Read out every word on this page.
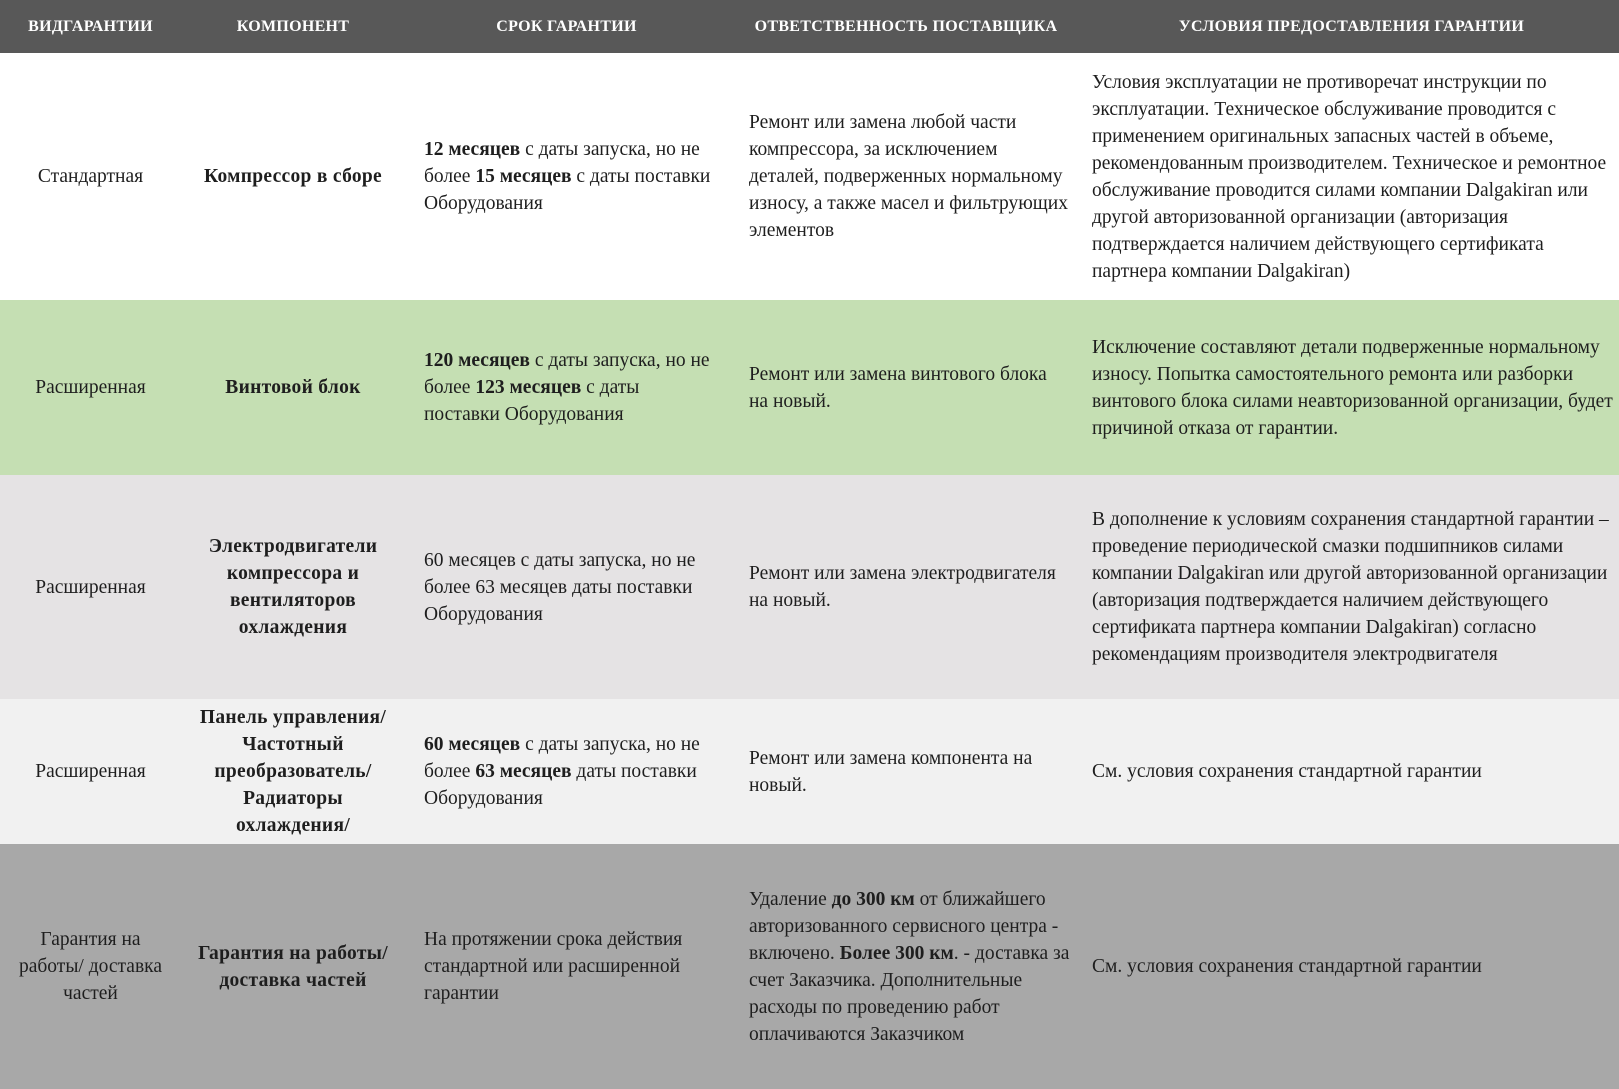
ВИДГАРАНТИИ	КОМПОНЕНТ	СРОК ГАРАНТИИ	ОТВЕТСТВЕННОСТЬ ПОСТАВЩИКА	УСЛОВИЯ ПРЕДОСТАВЛЕНИЯ ГАРАНТИИ
Стандартная	Компрессор в сборе	12 месяцев с даты запуска, но не более 15 месяцев с даты поставки Оборудования	Ремонт или замена любой части компрессора, за исключением деталей, подверженных нормальному износу, а также масел и фильтрующих элементов	Условия эксплуатации не противоречат инструкции по эксплуатации. Техническое обслуживание проводится с применением оригинальных запасных частей в объеме, рекомендованным производителем. Техническое и ремонтное обслуживание проводится силами компании Dalgakiran или другой авторизованной организации (авторизация подтверждается наличием действующего сертификата партнера компании Dalgakiran)
Расширенная	Винтовой блок	120 месяцев с даты запуска, но не более 123 месяцев с даты поставки Оборудования	Ремонт или замена винтового блока на новый.	Исключение составляют детали подверженные нормальному износу. Попытка самостоятельного ремонта или разборки винтового блока силами неавторизованной организации, будет причиной отказа от гарантии.
Расширенная	Электродвигатели компрессора и вентиляторов охлаждения	60 месяцев с даты запуска, но не более 63 месяцев даты поставки Оборудования	Ремонт или замена электродвигателя на новый.	В дополнение к условиям сохранения стандартной гарантии – проведение периодической смазки подшипников силами компании Dalgakiran или другой авторизованной организации (авторизация подтверждается наличием действующего сертификата партнера компании Dalgakiran) согласно рекомендациям производителя электродвигателя
Расширенная	Панель управления/ Частотный преобразователь/ Радиаторы охлаждения/	60 месяцев с даты запуска, но не более 63 месяцев даты поставки Оборудования	Ремонт или замена компонента на новый.	См. условия сохранения стандартной гарантии
Гарантия на работы/ доставка частей	Гарантия на работы/ доставка частей	На протяжении срока действия стандартной или расширенной гарантии	Удаление до 300 км от ближайшего авторизованного сервисного центра - включено. Более 300 км. - доставка за счет Заказчика. Дополнительные расходы по проведению работ оплачиваются Заказчиком	См. условия сохранения стандартной гарантии
